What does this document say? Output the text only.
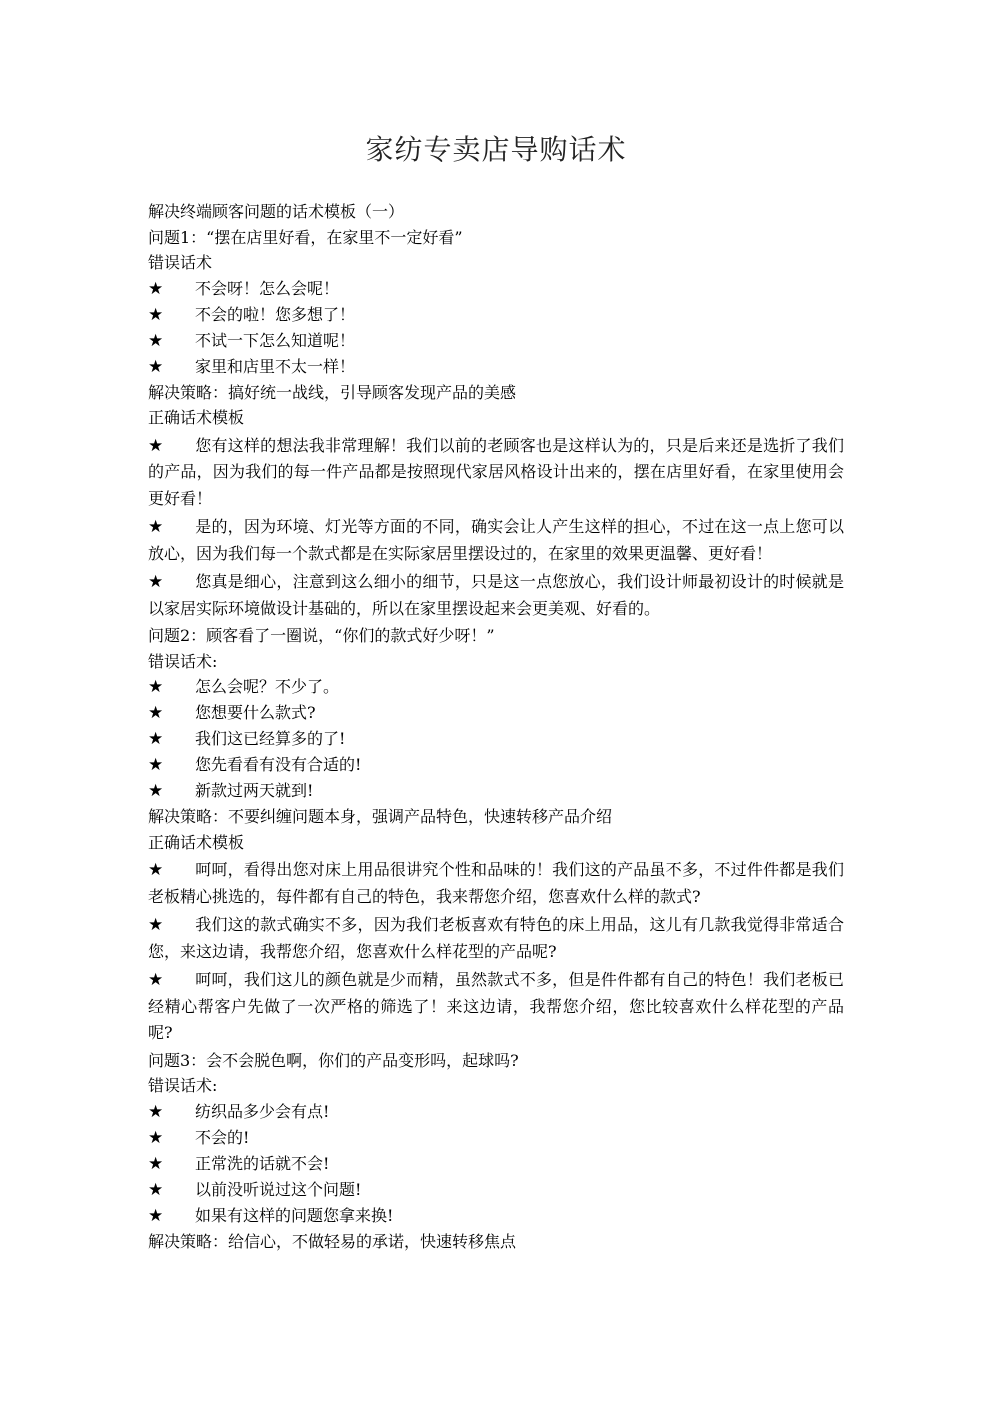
家纺专卖店导购话术
解决终端顾客问题的话术模板（一）
问题1：“摆在店里好看，在家里不一定好看”
错误话术
★	不会呀！怎么会呢！
★	不会的啦！您多想了！
★	不试一下怎么知道呢！
★	家里和店里不太一样！
解决策略：搞好统一战线，引导顾客发现产品的美感
正确话术模板
★ 您有这样的想法我非常理解！我们以前的老顾客也是这样认为的，只是后来还是选折了我们的产品，因为我们的每一件产品都是按照现代家居风格设计出来的，摆在店里好看，在家里使用会更好看！
★ 是的，因为环境、灯光等方面的不同，确实会让人产生这样的担心，不过在这一点上您可以放心，因为我们每一个款式都是在实际家居里摆设过的，在家里的效果更温馨、更好看！
★ 您真是细心，注意到这么细小的细节，只是这一点您放心，我们设计师最初设计的时候就是以家居实际环境做设计基础的，所以在家里摆设起来会更美观、好看的。
问题2：顾客看了一圈说，“你们的款式好少呀！”
错误话术:
★	怎么会呢？不少了。
★	您想要什么款式?
★	我们这已经算多的了!
★	您先看看有没有合适的!
★	新款过两天就到!
解决策略：不要纠缠问题本身，强调产品特色，快速转移产品介绍
正确话术模板
★ 呵呵，看得出您对床上用品很讲究个性和品味的！我们这的产品虽不多，不过件件都是我们老板精心挑选的，每件都有自己的特色，我来帮您介绍，您喜欢什么样的款式?
★ 我们这的款式确实不多，因为我们老板喜欢有特色的床上用品，这儿有几款我觉得非常适合您，来这边请，我帮您介绍，您喜欢什么样花型的产品呢?
★ 呵呵，我们这儿的颜色就是少而精，虽然款式不多，但是件件都有自己的特色！我们老板已经精心帮客户先做了一次严格的筛选了！来这边请，我帮您介绍，您比较喜欢什么样花型的产品呢?
问题3：会不会脱色啊，你们的产品变形吗，起球吗?
错误话术:
★	纺织品多少会有点!
★	不会的!
★	正常洗的话就不会!
★	以前没听说过这个问题!
★	如果有这样的问题您拿来换!
解决策略：给信心，不做轻易的承诺，快速转移焦点
